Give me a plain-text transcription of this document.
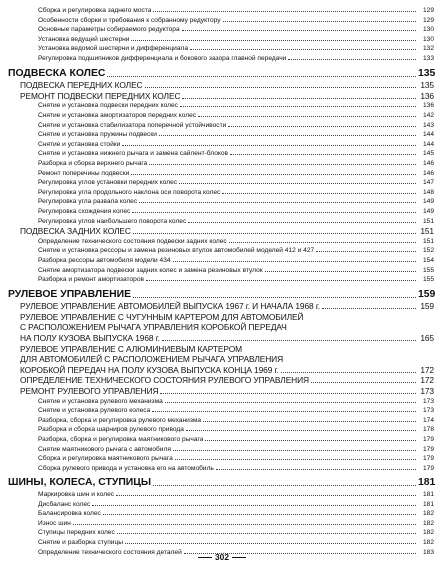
Сборка и регулировка заднего моста	129
Особенности сборки и требования к собранному редуктору	129
Основные параметры собираемого редуктора	130
Установка ведущей шестерни	130
Установка ведомой шестерни и дифференциала	132
Регулировка подшипников дифференциала и бокового зазора главной передачи	133
ПОДВЕСКА КОЛЕС	135
ПОДВЕСКА ПЕРЕДНИХ КОЛЕС	135
РЕМОНТ ПОДВЕСКИ ПЕРЕДНИХ КОЛЕС	136
Снятие и установка подвески передних колес	136
Снятие и установка амортизаторов передних колес	142
Снятие и установка стабилизатора поперечной устойчивости	143
Снятие и установка пружины подвески	144
Снятие и установка стойки	144
Снятие и установка нижнего рычага и замена сайлент-блоков	145
Разборка и сборка верхнего рычага	146
Ремонт поперечины подвески	146
Регулировка углов установки передних колес	147
Регулировка угла продольного наклона оси поворота колес	148
Регулировка угла развала колес	149
Регулировка схождения колес	149
Регулировка углов наибольшего поворота колес	151
ПОДВЕСКА ЗАДНИХ КОЛЕС	151
Определение технического состояния подвески задних колес	151
Снятие и установка рессоры и замена резиновых втулок автомобилей моделей 412 и 427	152
Разборка рессоры автомобиля модели 434	154
Снятие амортизатора подвески задних колес и замена резиновых втулок	155
Разборка и ремонт амортизаторов	155
РУЛЕВОЕ УПРАВЛЕНИЕ	159
РУЛЕВОЕ УПРАВЛЕНИЕ АВТОМОБИЛЕЙ ВЫПУСКА 1967 г. И НАЧАЛА 1968 г.	159
РУЛЕВОЕ УПРАВЛЕНИЕ С ЧУГУННЫМ КАРТЕРОМ ДЛЯ АВТОМОБИЛЕЙ
С РАСПОЛОЖЕНИЕМ РЫЧАГА УПРАВЛЕНИЯ КОРОБКОЙ ПЕРЕДАЧ
НА ПОЛУ КУЗОВА ВЫПУСКА 1968 г.	165
РУЛЕВОЕ УПРАВЛЕНИЕ С АЛЮМИНИЕВЫМ КАРТЕРОМ
ДЛЯ АВТОМОБИЛЕЙ С РАСПОЛОЖЕНИЕМ РЫЧАГА УПРАВЛЕНИЯ
КОРОБКОЙ ПЕРЕДАЧ НА ПОЛУ КУЗОВА ВЫПУСКА КОНЦА 1969 г.	172
ОПРЕДЕЛЕНИЕ ТЕХНИЧЕСКОГО СОСТОЯНИЯ РУЛЕВОГО УПРАВЛЕНИЯ	172
РЕМОНТ РУЛЕВОГО УПРАВЛЕНИЯ	173
Снятие и установка рулевого механизма	173
Снятие и установка рулевого колеса	173
Разборка, сборка и регулировка рулевого механизма	174
Разборка и сборка шарниров рулевого привода	178
Разборка, сборка и регулировка маятникового рычага	179
Снятие маятникового рычага с автомобиля	179
Сборка и регулировка маятникового рычага	179
Сборка рулевого привода и установка его на автомобиль	179
ШИНЫ, КОЛЕСА, СТУПИЦЫ	181
Маркировка шин и колес	181
Дисбаланс колес	181
Балансировка колес	182
Износ шин	182
Ступицы передних колес	182
Снятие и разборка ступицы	182
Определение технического состояния деталей	183
302
